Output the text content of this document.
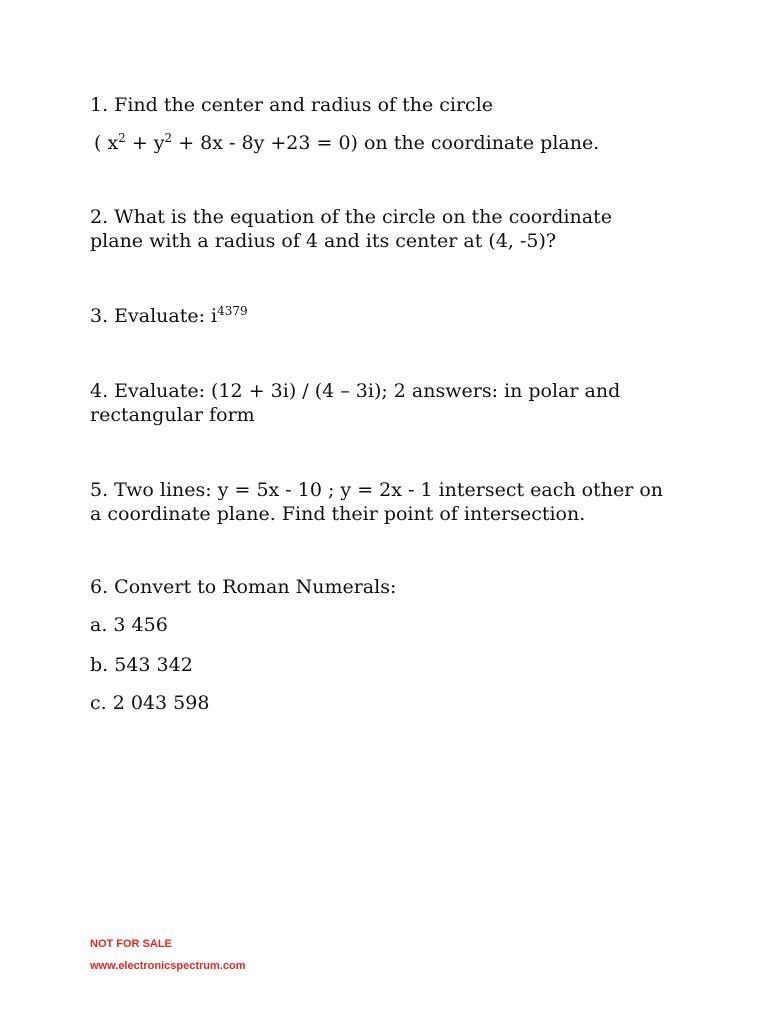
1. Find the center and radius of the circle
( $x^2 + y^2 + 8x - 8y +23 = 0$) on the coordinate plane.
2. What is the equation of the circle on the coordinate
plane with a radius of 4 and its center at (4, -5)?
3. Evaluate: $i^{4379}$
4. Evaluate: (12 + 3i) / (4 – 3i); 2 answers: in polar and
rectangular form
5. Two lines: y = 5x - 10 ; y = 2x - 1 intersect each other on
a coordinate plane. Find their point of intersection.
6. Convert to Roman Numerals:
a. 3 456
b. 543 342
c. 2 043 598
NOT FOR SALE
www.electronicspectrum.com
